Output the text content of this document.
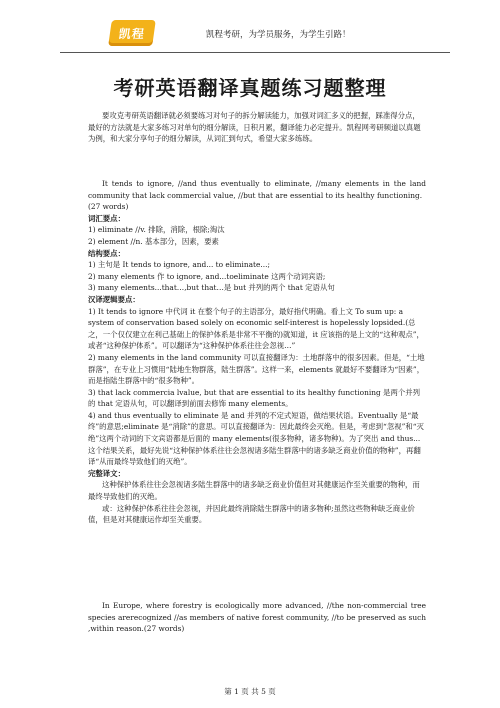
凯程	凯程考研，为学员服务，为学生引路！
考研英语翻译真题练习题整理

要攻克考研英语翻译就必须要练习对句子的拆分解读能力，加强对词汇多义的把握，踩准得分点，最好的方法就是大家多练习对单句的细分解读，日积月累，翻译能力必定提升。凯程网考研频道以真题为例，和大家分享句子的细分解读，从词汇到句式，希望大家多练练。

It tends to ignore, //and thus eventually to eliminate, //many elements in the land community that lack commercial value, //but that are essential to its healthy functioning.

(27 words)

词汇要点：

1) eliminate //v. 排除，消除，根除;淘汰

2) element //n. 基本部分，因素，要素

结构要点：

1) 主句是 It tends to ignore, and... to eliminate...;

2) many elements 作 to ignore, and...toeliminate 这两个动词宾语;

3) many elements...that…,but that…是 but 并列的两个 that 定语从句

汉译逻辑要点：

1) It tends to ignore 中代词 it 在整个句子的主语部分，最好指代明确。看上文 To sum up: a system of conservation based solely on economic self-interest is hopelessly lopsided.(总之，一个仅仅建立在利己基础上的保护体系是非常不平衡的)就知道，it 应该指的是上文的“这种观点”，或者“这种保护体系”。可以翻译为“这种保护体系往往会忽视…”

2) many elements in the land community 可以直接翻译为：土地群落中的很多因素。但是，“土地群落”，在专业上习惯用“陆地生物群落，陆生群落”。这样一来，elements 就最好不要翻译为“因素”，而是指陆生群落中的“很多物种”。

3) that lack commercia lvalue, but that are essential to its healthy functioning 是两个并列的 that 定语从句，可以翻译到前面去修饰 many elements。

4) and thus eventually to eliminate 是 and 并列的不定式短语，做结果状语。Eventually 是“最终”的意思;eliminate 是“消除”的意思。可以直接翻译为：因此最终会灭绝。但是，考虑到“忽视”和“灭绝”这两个动词的下文宾语都是后面的 many elements(很多物种，诸多物种)。为了突出 and thus...这个结果关系，最好先说“这种保护体系往往会忽视诸多陆生群落中的诸多缺乏商业价值的物种”，再翻译“从而最终导致他们的灭绝”。

完整译文：

这种保护体系往往会忽视诸多陆生群落中的诸多缺乏商业价值但对其健康运作至关重要的物种，而最终导致他们的灭绝。

或：这种保护体系往往会忽视，并因此最终消除陆生群落中的诸多物种;虽然这些物种缺乏商业价值，但是对其健康运作却至关重要。

In Europe, where forestry is ecologically more advanced, //the non-commercial tree species arerecognized //as members of native forest community, //to be preserved as such ,within reason.(27 words)

第 1 页 共 5 页
